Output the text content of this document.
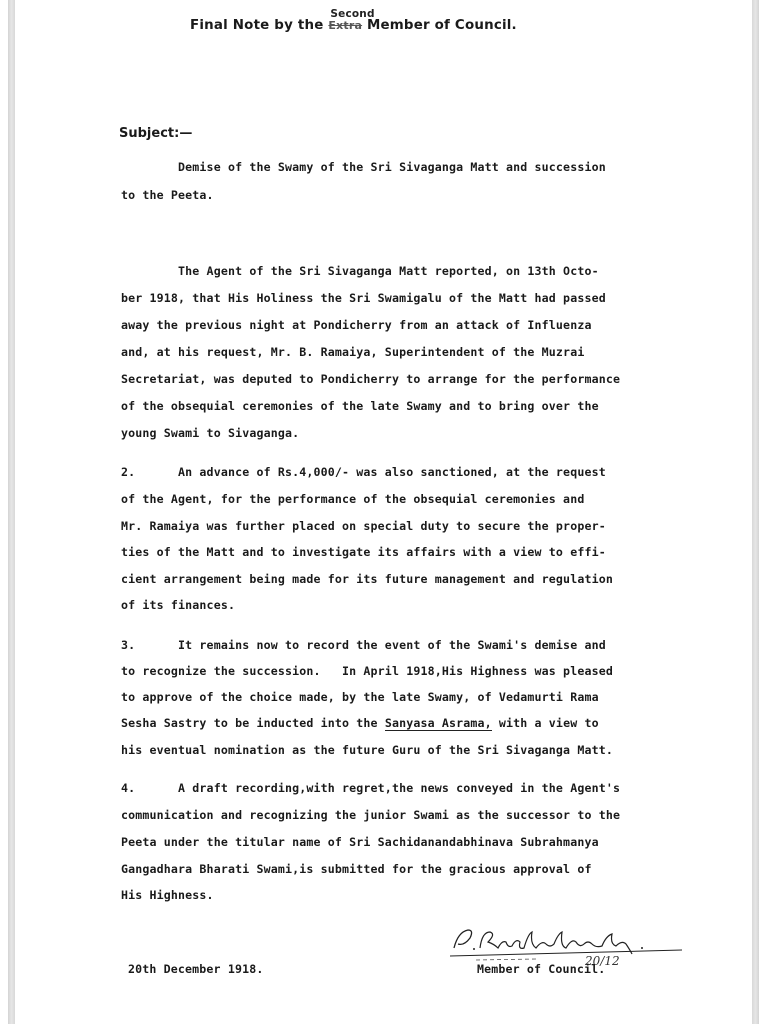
Final Note by the Extra
Second
Member of Council.
Subject:—
Demise of the Swamy of the Sri Sivaganga Matt and succession
to the Peeta.
The Agent of the Sri Sivaganga Matt reported, on 13th Octo-
ber 1918, that His Holiness the Sri Swamigalu of the Matt had passed
away the previous night at Pondicherry from an attack of Influenza
and, at his request, Mr. B. Ramaiya, Superintendent of the Muzrai
Secretariat, was deputed to Pondicherry to arrange for the performance
of the obsequial ceremonies of the late Swamy and to bring over the
young Swami to Sivaganga.
2.      An advance of Rs.4,000/- was also sanctioned, at the request
of the Agent, for the performance of the obsequial ceremonies and
Mr. Ramaiya was further placed on special duty to secure the proper-
ties of the Matt and to investigate its affairs with a view to effi-
cient arrangement being made for its future management and regulation
of its finances.
3.      It remains now to record the event of the Swami's demise and
to recognize the succession.   In April 1918,His Highness was pleased
to approve of the choice made, by the late Swamy, of Vedamurti Rama
Sesha Sastry to be inducted into the Sanyasa Asrama, with a view to
his eventual nomination as the future Guru of the Sri Sivaganga Matt.
4.      A draft recording,with regret,the news conveyed in the Agent's
communication and recognizing the junior Swami as the successor to the
Peeta under the titular name of Sri Sachidanandabhinava Subrahmanya
Gangadhara Bharati Swami,is submitted for the gracious approval of
His Highness.
20th December 1918.
20/12
Member of Council.
